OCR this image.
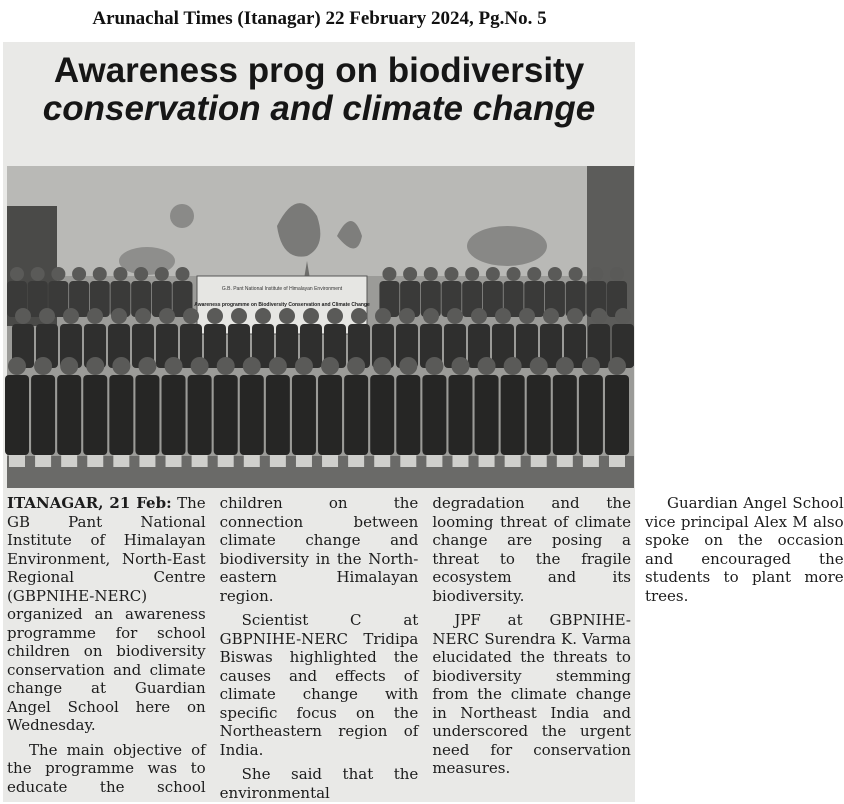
Arunachal Times (Itanagar) 22 February 2024, Pg.No. 5
Awareness prog on biodiversity
conservation and climate change
G.B. Pant National Institute of Himalayan Environment
Awareness programme on Biodiversity Conservation and Climate Change

ITANAGAR, 21 Feb: The GB Pant National Institute of Himalayan Environment, North-East Regional Centre (GBPNIHE-NERC) organized an awareness programme for school children on biodiversity conservation and climate change at Guardian Angel School here on Wednesday.

The main objective of the programme was to educate the school children on the connection between climate change and biodiversity in the North-eastern Himalayan region.

Scientist C at GBPNIHE-NERC Tridipa Biswas highlighted the causes and effects of climate change with specific focus on the Northeastern region of India.

She said that the environmental degradation and the looming threat of climate change are posing a threat to the fragile ecosystem and its biodiversity.

JPF at GBPNIHE-NERC Surendra K. Varma elucidated the threats to biodiversity stemming from the climate change in Northeast India and underscored the urgent need for conservation measures.

Guardian Angel School vice principal Alex M also spoke on the occasion and encouraged the students to plant more trees.
